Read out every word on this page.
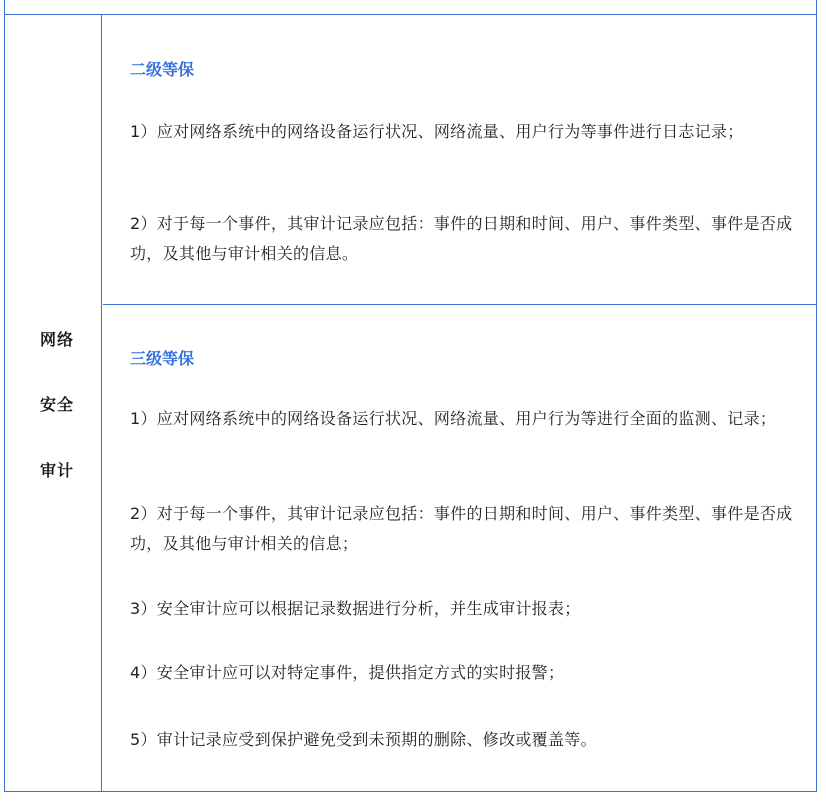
网络
安全
审计
二级等保
1）应对网络系统中的网络设备运行状况、网络流量、用户行为等事件进行日志记录；
2）对于每一个事件，其审计记录应包括：事件的日期和时间、用户、事件类型、事件是否成功，及其他与审计相关的信息。
三级等保
1）应对网络系统中的网络设备运行状况、网络流量、用户行为等进行全面的监测、记录；
2）对于每一个事件，其审计记录应包括：事件的日期和时间、用户、事件类型、事件是否成功，及其他与审计相关的信息；
3）安全审计应可以根据记录数据进行分析，并生成审计报表；
4）安全审计应可以对特定事件，提供指定方式的实时报警；
5）审计记录应受到保护避免受到未预期的删除、修改或覆盖等。
